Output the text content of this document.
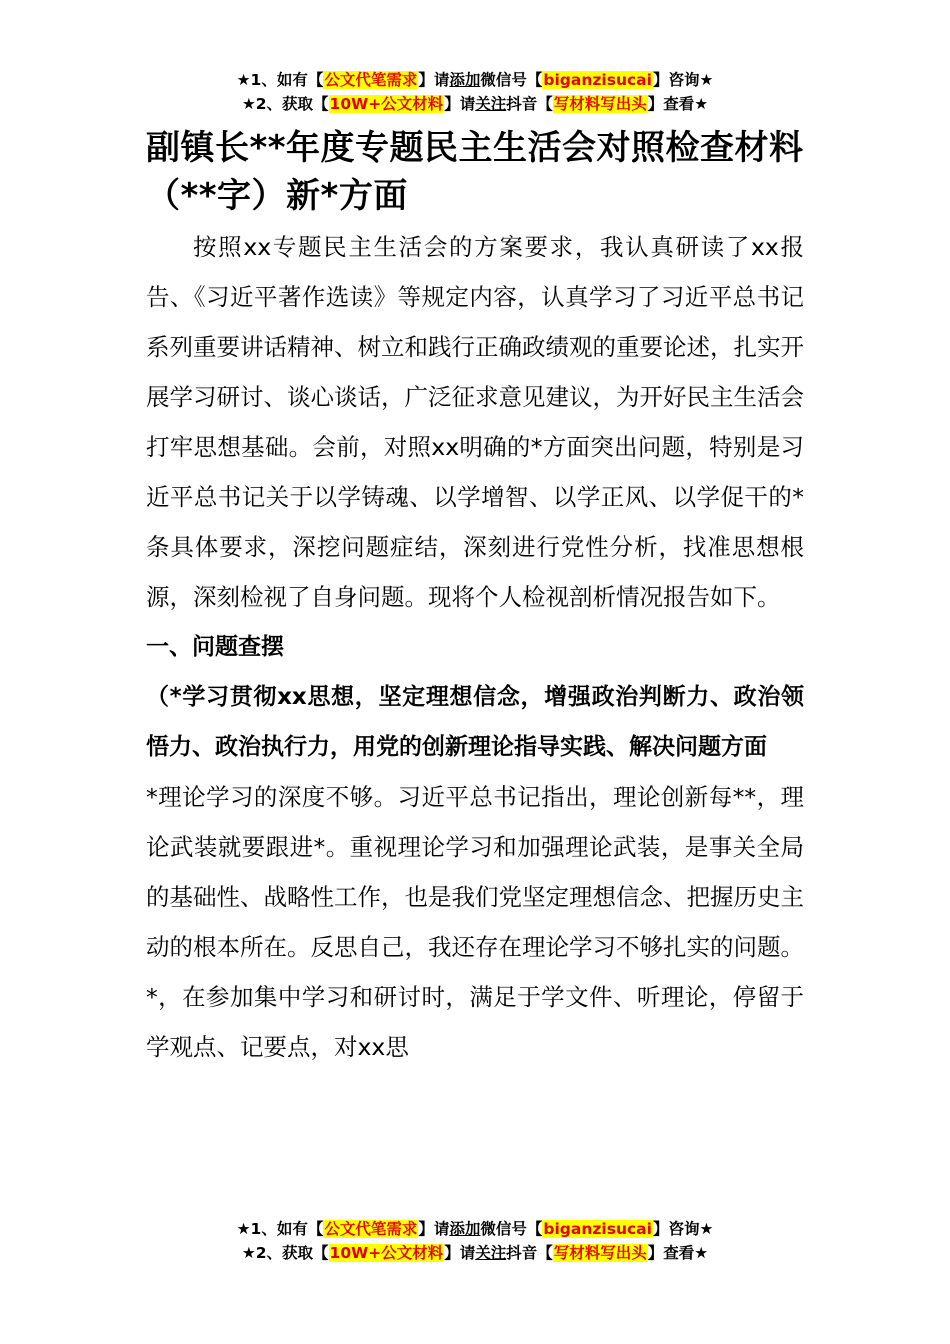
★1、如有【公文代笔需求】请添加微信号【biganzisucai】咨询★
★2、获取【10W+公文材料】请关注抖音【写材料写出头】查看★
副镇长**年度专题民主生活会对照检查材料（**字）新*方面

按照xx专题民主生活会的方案要求，我认真研读了xx报告、《习近平著作选读》等规定内容，认真学习了习近平总书记系列重要讲话精神、树立和践行正确政绩观的重要论述，扎实开展学习研讨、谈心谈话，广泛征求意见建议，为开好民主生活会打牢思想基础。会前，对照xx明确的*方面突出问题，特别是习近平总书记关于以学铸魂、以学增智、以学正风、以学促干的*条具体要求，深挖问题症结，深刻进行党性分析，找准思想根源，深刻检视了自身问题。现将个人检视剖析情况报告如下。

一、问题查摆

（*学习贯彻xx思想，坚定理想信念，增强政治判断力、政治领悟力、政治执行力，用党的创新理论指导实践、解决问题方面

*理论学习的深度不够。习近平总书记指出，理论创新每**，理论武装就要跟进*。重视理论学习和加强理论武装，是事关全局的基础性、战略性工作，也是我们党坚定理想信念、把握历史主动的根本所在。反思自己，我还存在理论学习不够扎实的问题。*，在参加集中学习和研讨时，满足于学文件、听理论，停留于学观点、记要点，对xx思

★1、如有【公文代笔需求】请添加微信号【biganzisucai】咨询★
★2、获取【10W+公文材料】请关注抖音【写材料写出头】查看★
